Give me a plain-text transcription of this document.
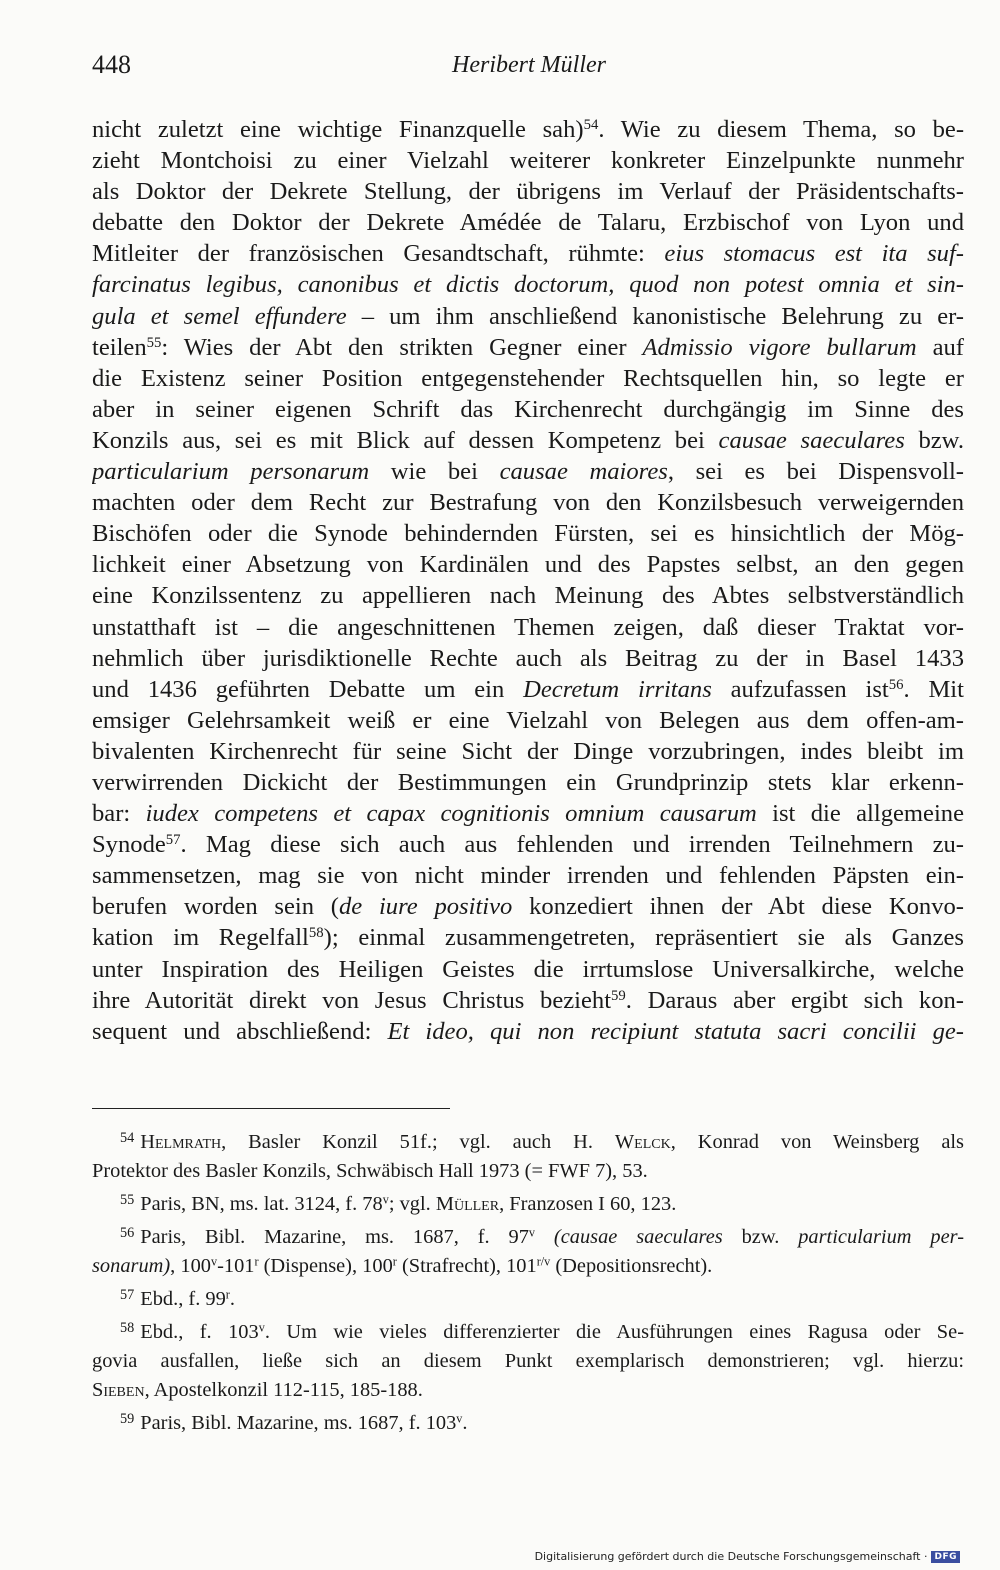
448	Heribert Müller
nicht zuletzt eine wichtige Finanzquelle sah)$^{54}$. Wie zu diesem Thema, so be-
zieht Montchoisi zu einer Vielzahl weiterer konkreter Einzelpunkte nunmehr
als Doktor der Dekrete Stellung, der übrigens im Verlauf der Präsidentschafts-
debatte den Doktor der Dekrete Amédée de Talaru, Erzbischof von Lyon und
Mitleiter der französischen Gesandtschaft, rühmte: eius stomacus est ita suf-
farcinatus legibus, canonibus et dictis doctorum, quod non potest omnia et sin-
gula et semel effundere – um ihm anschließend kanonistische Belehrung zu er-
teilen$^{55}$: Wies der Abt den strikten Gegner einer Admissio vigore bullarum auf
die Existenz seiner Position entgegenstehender Rechtsquellen hin, so legte er
aber in seiner eigenen Schrift das Kirchenrecht durchgängig im Sinne des
Konzils aus, sei es mit Blick auf dessen Kompetenz bei causae saeculares bzw.
particularium personarum wie bei causae maiores, sei es bei Dispensvoll-
machten oder dem Recht zur Bestrafung von den Konzilsbesuch verweigernden
Bischöfen oder die Synode behindernden Fürsten, sei es hinsichtlich der Mög-
lichkeit einer Absetzung von Kardinälen und des Papstes selbst, an den gegen
eine Konzilssentenz zu appellieren nach Meinung des Abtes selbstverständlich
unstatthaft ist – die angeschnittenen Themen zeigen, daß dieser Traktat vor-
nehmlich über jurisdiktionelle Rechte auch als Beitrag zu der in Basel 1433
und 1436 geführten Debatte um ein Decretum irritans aufzufassen ist$^{56}$. Mit
emsiger Gelehrsamkeit weiß er eine Vielzahl von Belegen aus dem offen-am-
bivalenten Kirchenrecht für seine Sicht der Dinge vorzubringen, indes bleibt im
verwirrenden Dickicht der Bestimmungen ein Grundprinzip stets klar erkenn-
bar: iudex competens et capax cognitionis omnium causarum ist die allgemeine
Synode$^{57}$. Mag diese sich auch aus fehlenden und irrenden Teilnehmern zu-
sammensetzen, mag sie von nicht minder irrenden und fehlenden Päpsten ein-
berufen worden sein (de iure positivo konzediert ihnen der Abt diese Konvo-
kation im Regelfall$^{58}$); einmal zusammengetreten, repräsentiert sie als Ganzes
unter Inspiration des Heiligen Geistes die irrtumslose Universalkirche, welche
ihre Autorität direkt von Jesus Christus bezieht$^{59}$. Daraus aber ergibt sich kon-
sequent und abschließend: Et ideo, qui non recipiunt statuta sacri concilii ge-
$^{54}$ Helmrath, Basler Konzil 51f.; vgl. auch H. Welck, Konrad von Weinsberg als
Protektor des Basler Konzils, Schwäbisch Hall 1973 (= FWF 7), 53.
$^{55}$ Paris, BN, ms. lat. 3124, f. 78$^v$; vgl. Müller, Franzosen I 60, 123.
$^{56}$ Paris, Bibl. Mazarine, ms. 1687, f. 97$^v$ (causae saeculares bzw. particularium per-
sonarum), 100$^v$-101$^r$ (Dispense), 100$^r$ (Strafrecht), $101^{r/v}$ (Depositionsrecht).
$^{57}$ Ebd., f. 99$^r$.
$^{58}$ Ebd., f. 103$^v$. Um wie vieles differenzierter die Ausführungen eines Ragusa oder Se-
govia ausfallen, ließe sich an diesem Punkt exemplarisch demonstrieren; vgl. hierzu:
Sieben, Apostelkonzil 112-115, 185-188.
$^{59}$ Paris, Bibl. Mazarine, ms. 1687, f. 103$^v$.
Digitalisierung gefördert durch die Deutsche Forschungsgemeinschaft · DFG
